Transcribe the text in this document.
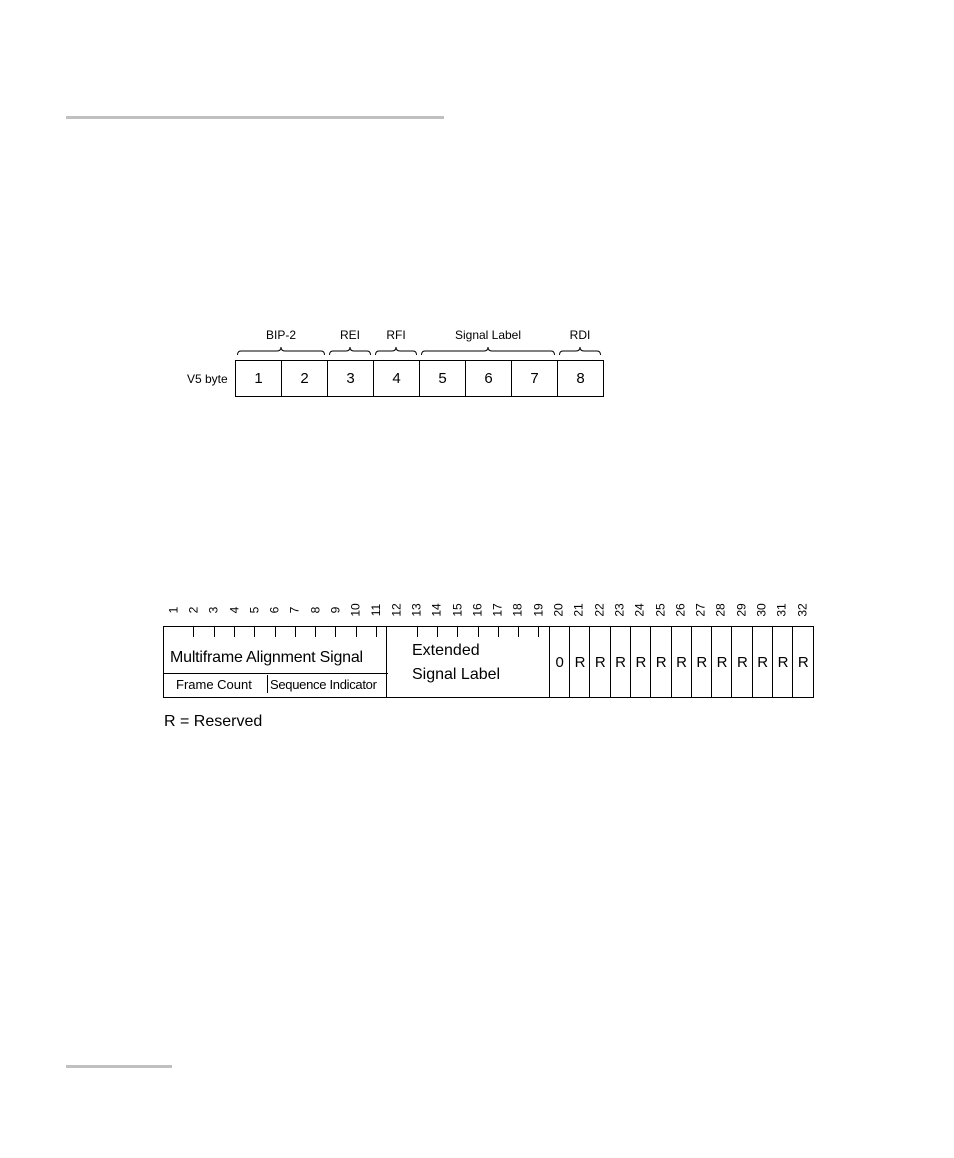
V5 byte
BIP-2	REI	RFI	Signal Label	RDI
1	2	3	4	5	6	7	8
1 2 3 4 5 6 7 8 9 10 11 12 13 14 15 16 17 18 19 20 21 22 23 24 25 26 27 28 29 30 31 32
Multiframe Alignment Signal
Frame Count Sequence Indicator
Extended
Signal Label
0 R R R R R R R R R R R R
R = Reserved
